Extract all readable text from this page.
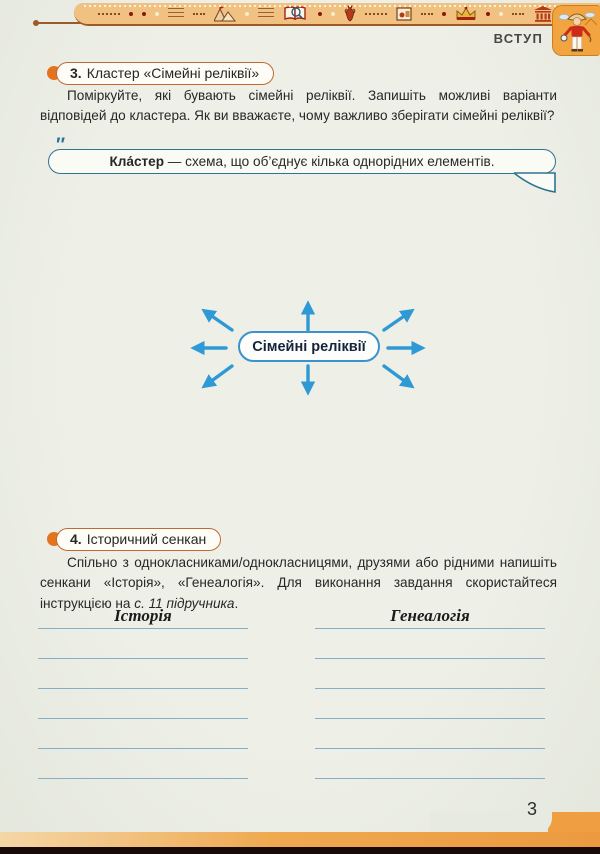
ВСТУП
3. Кластер «Сімейні реліквії»

Поміркуйте, які бувають сімейні реліквії. Запишіть можливі варіанти відповідей до кластера. Як ви вважаєте, чому важливо зберігати сімейні реліквії?

″
Кла́стер — схема, що об’єднує кілька однорідних елементів.
Сімейні реліквії
4. Історичний сенкан

Спільно з однокласниками/однокласницями, друзями або рідними напишіть сенкани «Історія», «Генеалогія». Для виконання завдання скористайтеся інструкцією на с. 11 підручника.

Історія	Генеалогія
3
